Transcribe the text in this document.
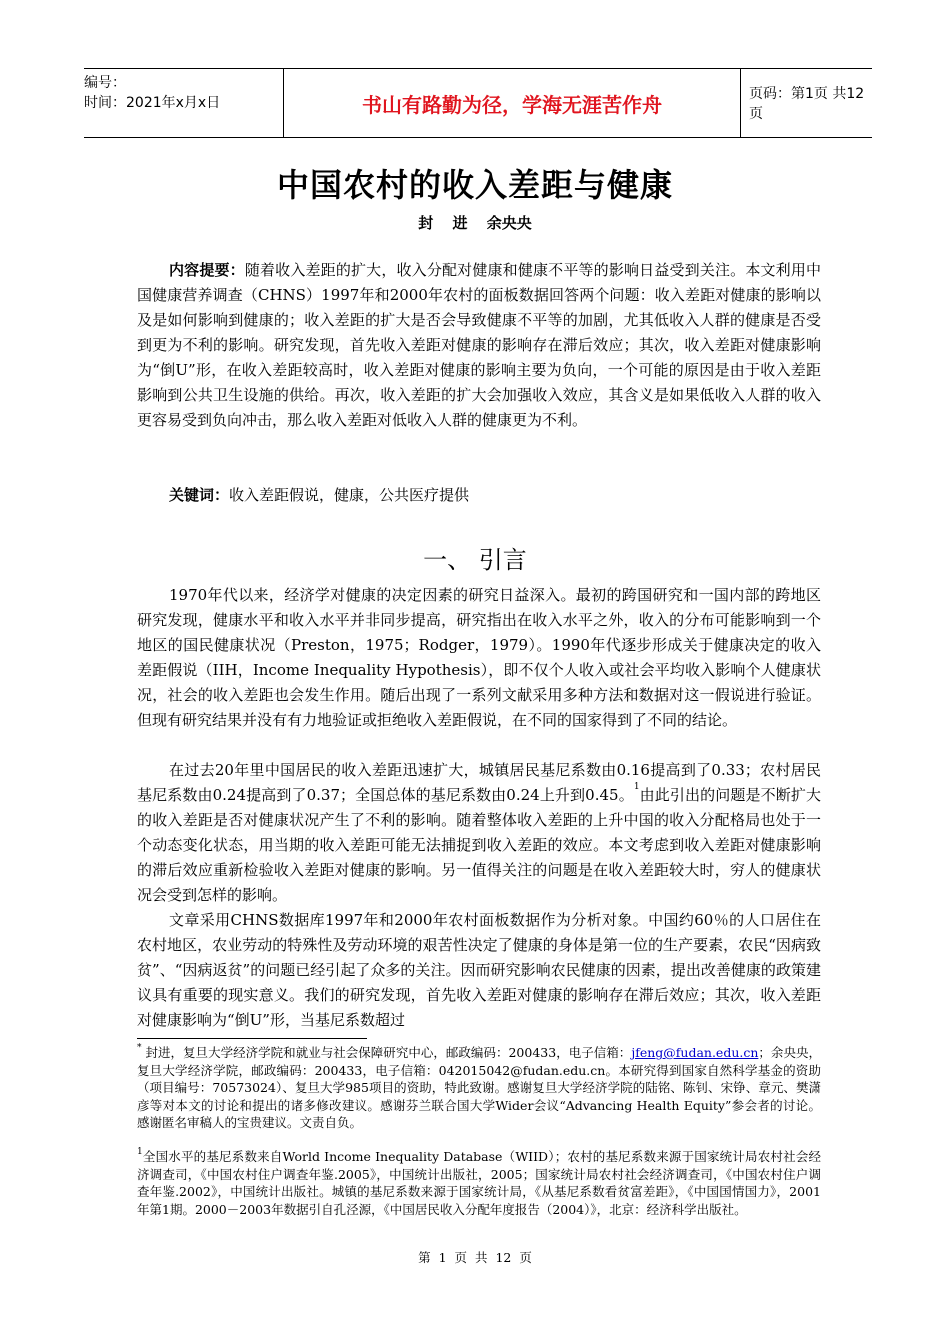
编号：
时间：2021年x月x日	书山有路勤为径，学海无涯苦作舟	页码：第1页 共12页
中国农村的收入差距与健康
封 进 余央央
内容提要：随着收入差距的扩大，收入分配对健康和健康不平等的影响日益受到关注。本文利用中国健康营养调查（CHNS）1997年和2000年农村的面板数据回答两个问题：收入差距对健康的影响以及是如何影响到健康的；收入差距的扩大是否会导致健康不平等的加剧，尤其低收入人群的健康是否受到更为不利的影响。研究发现，首先收入差距对健康的影响存在滞后效应；其次，收入差距对健康影响为“倒U”形，在收入差距较高时，收入差距对健康的影响主要为负向，一个可能的原因是由于收入差距影响到公共卫生设施的供给。再次，收入差距的扩大会加强收入效应，其含义是如果低收入人群的收入更容易受到负向冲击，那么收入差距对低收入人群的健康更为不利。
关键词：收入差距假说，健康，公共医疗提供
一、 引言
1970年代以来，经济学对健康的决定因素的研究日益深入。最初的跨国研究和一国内部的跨地区研究发现，健康水平和收入水平并非同步提高，研究指出在收入水平之外，收入的分布可能影响到一个地区的国民健康状况（Preston，1975；Rodger，1979）。1990年代逐步形成关于健康决定的收入差距假说（IIH，Income Inequality Hypothesis），即不仅个人收入或社会平均收入影响个人健康状况，社会的收入差距也会发生作用。随后出现了一系列文献采用多种方法和数据对这一假说进行验证。但现有研究结果并没有有力地验证或拒绝收入差距假说，在不同的国家得到了不同的结论。
在过去20年里中国居民的收入差距迅速扩大，城镇居民基尼系数由0.16提高到了0.33；农村居民基尼系数由0.24提高到了0.37；全国总体的基尼系数由0.24上升到0.45。$^1$由此引出的问题是不断扩大的收入差距是否对健康状况产生了不利的影响。随着整体收入差距的上升中国的收入分配格局也处于一个动态变化状态，用当期的收入差距可能无法捕捉到收入差距的效应。本文考虑到收入差距对健康影响的滞后效应重新检验收入差距对健康的影响。另一值得关注的问题是在收入差距较大时，穷人的健康状况会受到怎样的影响。
文章采用CHNS数据库1997年和2000年农村面板数据作为分析对象。中国约60％的人口居住在农村地区，农业劳动的特殊性及劳动环境的艰苦性决定了健康的身体是第一位的生产要素，农民“因病致贫”、“因病返贫”的问题已经引起了众多的关注。因而研究影响农民健康的因素，提出改善健康的政策建议具有重要的现实意义。我们的研究发现，首先收入差距对健康的影响存在滞后效应；其次，收入差距对健康影响为“倒U”形，当基尼系数超过
* 封进，复旦大学经济学院和就业与社会保障研究中心，邮政编码：200433，电子信箱：jfeng@fudan.edu.cn；余央央，复旦大学经济学院，邮政编码：200433，电子信箱：042015042@fudan.edu.cn。本研究得到国家自然科学基金的资助（项目编号：70573024）、复旦大学985项目的资助，特此致谢。感谢复旦大学经济学院的陆铭、陈钊、宋铮、章元、樊潇彦等对本文的讨论和提出的诸多修改建议。感谢芬兰联合国大学Wider会议“Advancing Health Equity”参会者的讨论。感谢匿名审稿人的宝贵建议。文责自负。
$^1$全国水平的基尼系数来自World Income Inequality Database（WIID）；农村的基尼系数来源于国家统计局农村社会经济调查司，《中国农村住户调查年鉴.2005》，中国统计出版社，2005；国家统计局农村社会经济调查司，《中国农村住户调查年鉴.2002》，中国统计出版社。城镇的基尼系数来源于国家统计局，《从基尼系数看贫富差距》，《中国国情国力》，2001年第1期。2000－2003年数据引自孔泾源，《中国居民收入分配年度报告（2004）》，北京：经济科学出版社。
第 1 页 共 12 页
